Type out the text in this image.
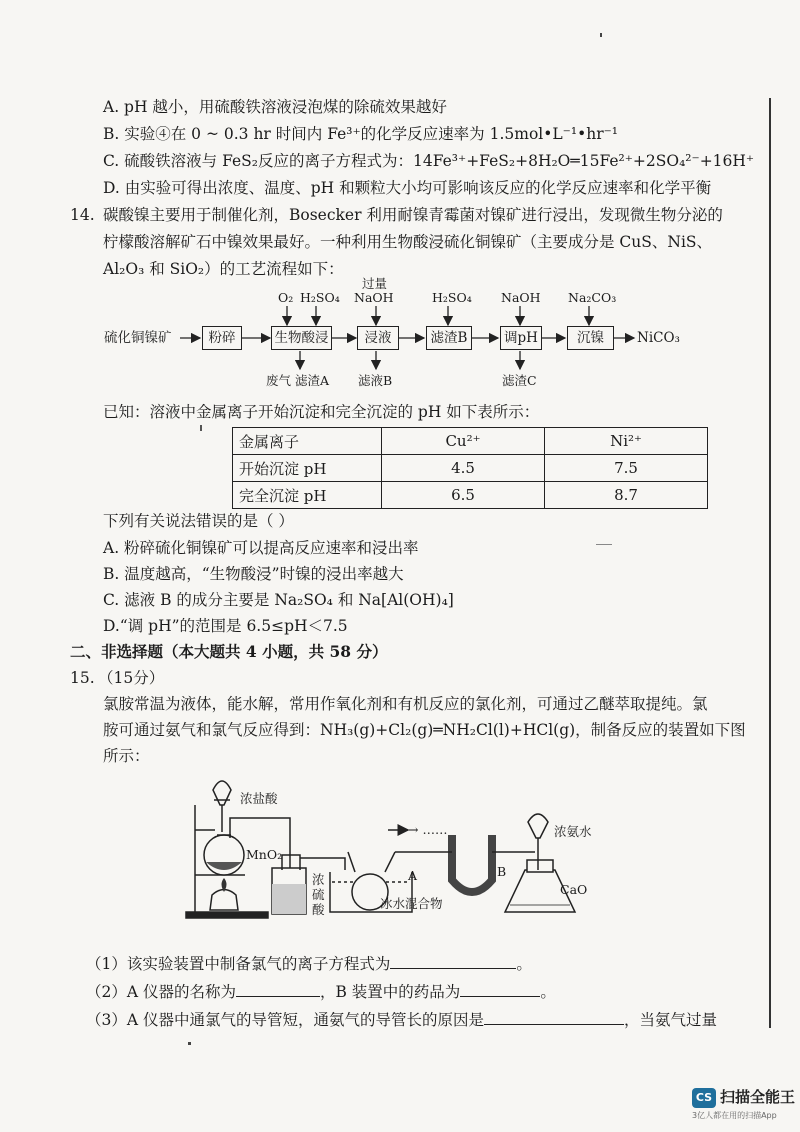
A. pH 越小，用硫酸铁溶液浸泡煤的除硫效果越好
B. 实验④在 0 ~ 0.3 hr 时间内 Fe³⁺的化学反应速率为 1.5mol•L⁻¹•hr⁻¹
C. 硫酸铁溶液与 FeS₂反应的离子方程式为：14Fe³⁺+FeS₂+8H₂O═15Fe²⁺+2SO₄²⁻+16H⁺
D. 由实验可得出浓度、温度、pH 和颗粒大小均可影响该反应的化学反应速率和化学平衡
14. 碳酸镍主要用于制催化剂，Bosecker 利用耐镍青霉菌对镍矿进行浸出，发现微生物分泌的
柠檬酸溶解矿石中镍效果最好。一种利用生物酸浸硫化铜镍矿（主要成分是 CuS、NiS、
Al₂O₃ 和 SiO₂）的工艺流程如下：
硫化铜镍矿	粉碎	生物酸浸	浸液	滤渣B	调pH	沉镍	NiCO₃
O₂ H₂SO₄
过量
NaOH	H₂SO₄ NaOH Na₂CO₃
废气 滤渣A 滤液B	滤渣C
已知：溶液中金属离子开始沉淀和完全沉淀的 pH 如下表所示：
金属离子	Cu²⁺	Ni²⁺
开始沉淀 pH	4.5	7.5
完全沉淀 pH	6.5	8.7
下列有关说法错误的是（ ）
A. 粉碎硫化铜镍矿可以提高反应速率和浸出率
B. 温度越高，“生物酸浸”时镍的浸出率越大
C. 滤液 B 的成分主要是 Na₂SO₄ 和 Na[Al(OH)₄]
D.“调 pH”的范围是 6.5≤pH＜7.5
二、非选择题（本大题共 4 小题，共 58 分）
15. （15分）
氯胺常温为液体，能水解，常用作氧化剂和有机反应的氯化剂，可通过乙醚萃取提纯。氯
胺可通过氨气和氯气反应得到：NH₃(g)+Cl₂(g)═NH₂Cl(l)+HCl(g)，制备反应的装置如下图
所示：
浓盐酸
MnO₂
浓
硫
酸
A
冰水混合物
→ ……
B
浓氨水
CaO
（1）该实验装置中制备氯气的离子方程式为	。
（2）A 仪器的名称为	，B 装置中的药品为	。
（3）A 仪器中通氯气的导管短，通氨气的导管长的原因是	，当氨气过量
CS 扫描全能王
3亿人都在用的扫描App
